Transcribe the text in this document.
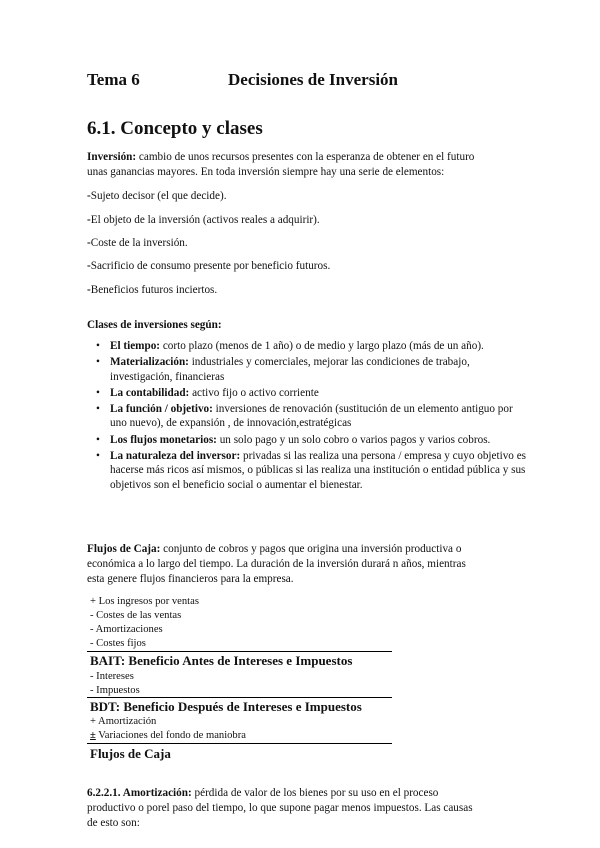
Tema 6	Decisiones de Inversión
6.1. Concepto y clases
Inversión: cambio de unos recursos presentes con la esperanza de obtener en el futuro
unas ganancias mayores. En toda inversión siempre hay una serie de elementos:
-Sujeto decisor (el que decide).
-El objeto de la inversión (activos reales a adquirir).
-Coste de la inversión.
-Sacrificio de consumo presente por beneficio futuros.
-Beneficios futuros inciertos.
Clases de inversiones según:
• El tiempo: corto plazo (menos de 1 año) o de medio y largo plazo (más de un año).
• Materialización: industriales y comerciales, mejorar las condiciones de trabajo, investigación, financieras
• La contabilidad: activo fijo o activo corriente
• La función / objetivo: inversiones de renovación (sustitución de un elemento antiguo por uno nuevo), de expansión , de innovación,estratégicas
• Los flujos monetarios: un solo pago y un solo cobro o varios pagos y varios cobros.
• La naturaleza del inversor: privadas si las realiza una persona / empresa y cuyo objetivo es hacerse más ricos así mismos, o públicas si las realiza una institución o entidad pública y sus objetivos son el beneficio social o aumentar el bienestar.
Flujos de Caja: conjunto de cobros y pagos que origina una inversión productiva o
económica a lo largo del tiempo. La duración de la inversión durará n años, mientras
esta genere flujos financieros para la empresa.
+ Los ingresos por ventas
- Costes de las ventas
- Amortizaciones
- Costes fijos
BAIT: Beneficio Antes de Intereses e Impuestos
- Intereses
- Impuestos
BDT: Beneficio Después de Intereses e Impuestos
+ Amortización
± Variaciones del fondo de maniobra
Flujos de Caja
6.2.2.1. Amortización: pérdida de valor de los bienes por su uso en el proceso
productivo o porel paso del tiempo, lo que supone pagar menos impuestos. Las causas
de esto son:
